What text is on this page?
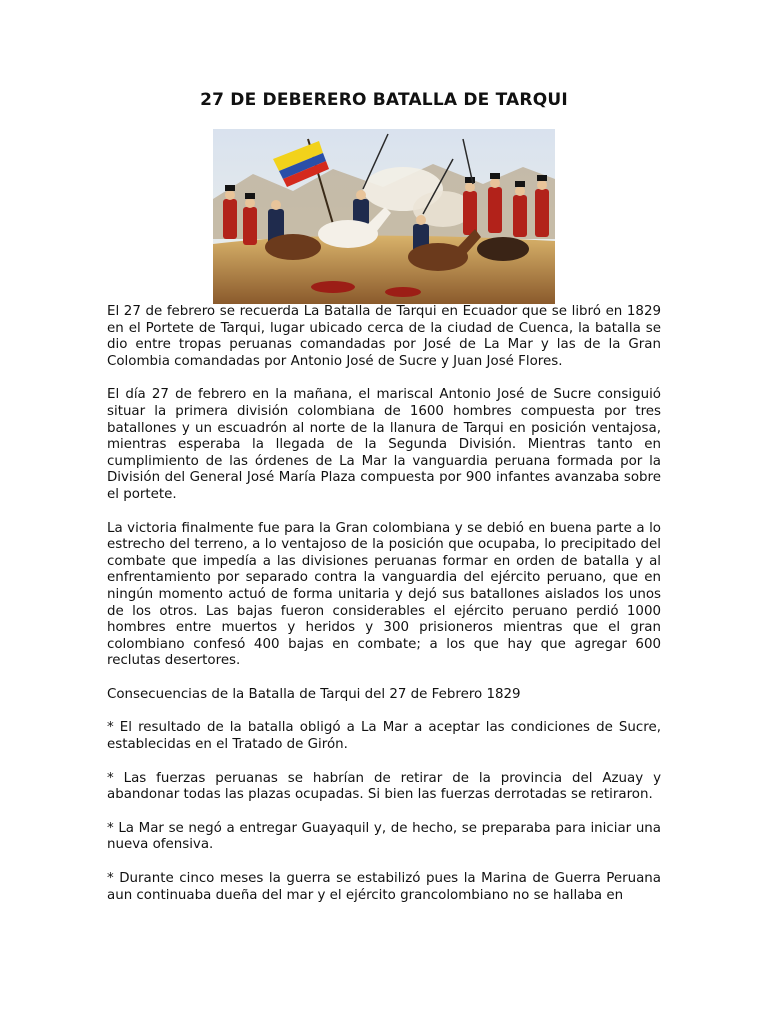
27 DE DEBERERO BATALLA DE TARQUI

El 27 de febrero se recuerda La Batalla de Tarqui en Ecuador que se libró en 1829 en el Portete de Tarqui, lugar ubicado cerca de la ciudad de Cuenca, la batalla se dio entre tropas peruanas comandadas por José de La Mar y las de la Gran Colombia comandadas por Antonio José de Sucre y Juan José Flores.

El día 27 de febrero en la mañana, el mariscal Antonio José de Sucre consiguió situar la primera división colombiana de 1600 hombres compuesta por tres batallones y un escuadrón al norte de la llanura de Tarqui en posición ventajosa, mientras esperaba la llegada de la Segunda División. Mientras tanto en cumplimiento de las órdenes de La Mar la vanguardia peruana formada por la División del General José María Plaza compuesta por 900 infantes avanzaba sobre el portete.

La victoria finalmente fue para la Gran colombiana y se debió en buena parte a lo estrecho del terreno, a lo ventajoso de la posición que ocupaba, lo precipitado del combate que impedía a las divisiones peruanas formar en orden de batalla y al enfrentamiento por separado contra la vanguardia del ejército peruano, que en ningún momento actuó de forma unitaria y dejó sus batallones aislados los unos de los otros. Las bajas fueron considerables el ejército peruano perdió 1000 hombres entre muertos y heridos y 300 prisioneros mientras que el gran colombiano confesó 400 bajas en combate; a los que hay que agregar 600 reclutas desertores.

Consecuencias de la Batalla de Tarqui del 27 de Febrero 1829

* El resultado de la batalla obligó a La Mar a aceptar las condiciones de Sucre, establecidas en el Tratado de Girón.

* Las fuerzas peruanas se habrían de retirar de la provincia del Azuay y abandonar todas las plazas ocupadas. Si bien las fuerzas derrotadas se retiraron.

* La Mar se negó a entregar Guayaquil y, de hecho, se preparaba para iniciar una nueva ofensiva.

* Durante cinco meses la guerra se estabilizó pues la Marina de Guerra Peruana aun continuaba dueña del mar y el ejército grancolombiano no se hallaba en
